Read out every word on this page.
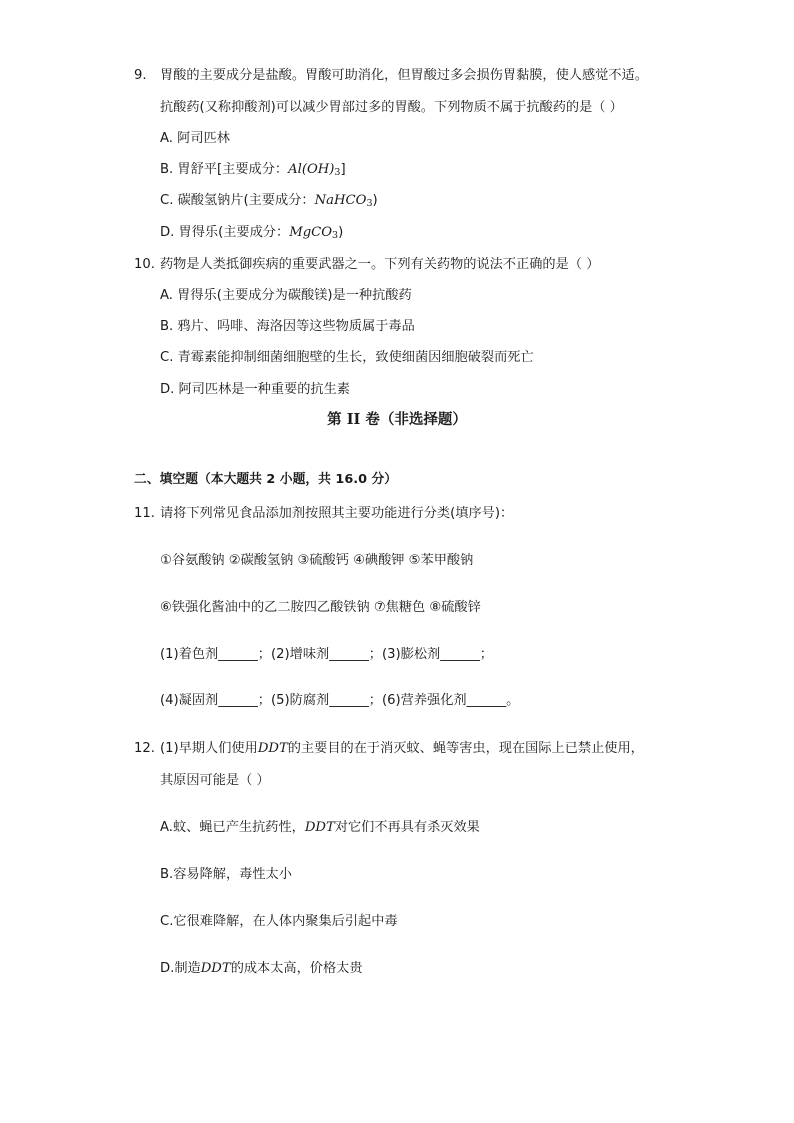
9. 胃酸的主要成分是盐酸。胃酸可助消化，但胃酸过多会损伤胃黏膜，使人感觉不适。
抗酸药(又称抑酸剂)可以减少胃部过多的胃酸。下列物质不属于抗酸药的是（ ）
A. 阿司匹林
B. 胃舒平[主要成分：$Al(OH)_3$]
C. 碳酸氢钠片(主要成分：NaHCO$_3$)
D. 胃得乐(主要成分：MgCO$_3$)
10. 药物是人类抵御疾病的重要武器之一。下列有关药物的说法不正确的是（ ）
A. 胃得乐(主要成分为碳酸镁)是一种抗酸药
B. 鸦片、吗啡、海洛因等这些物质属于毒品
C. 青霉素能抑制细菌细胞壁的生长，致使细菌因细胞破裂而死亡
D. 阿司匹林是一种重要的抗生素
第 II 卷（非选择题）
二、填空题（本大题共 2 小题，共 16.0 分）
11. 请将下列常见食品添加剂按照其主要功能进行分类(填序号)：
①谷氨酸钠 ②碳酸氢钠 ③硫酸钙 ④碘酸钾 ⑤苯甲酸钠
⑥铁强化酱油中的乙二胺四乙酸铁钠 ⑦焦糖色 ⑧硫酸锌
(1)着色剂______；(2)增味剂______；(3)膨松剂______；
(4)凝固剂______；(5)防腐剂______；(6)营养强化剂______。
12. (1)早期人们使用DDT的主要目的在于消灭蚊、蝇等害虫，现在国际上已禁止使用，
其原因可能是（ ）
A.蚊、蝇已产生抗药性，DDT对它们不再具有杀灭效果
B.容易降解，毒性太小
C.它很难降解，在人体内聚集后引起中毒
D.制造DDT的成本太高，价格太贵
